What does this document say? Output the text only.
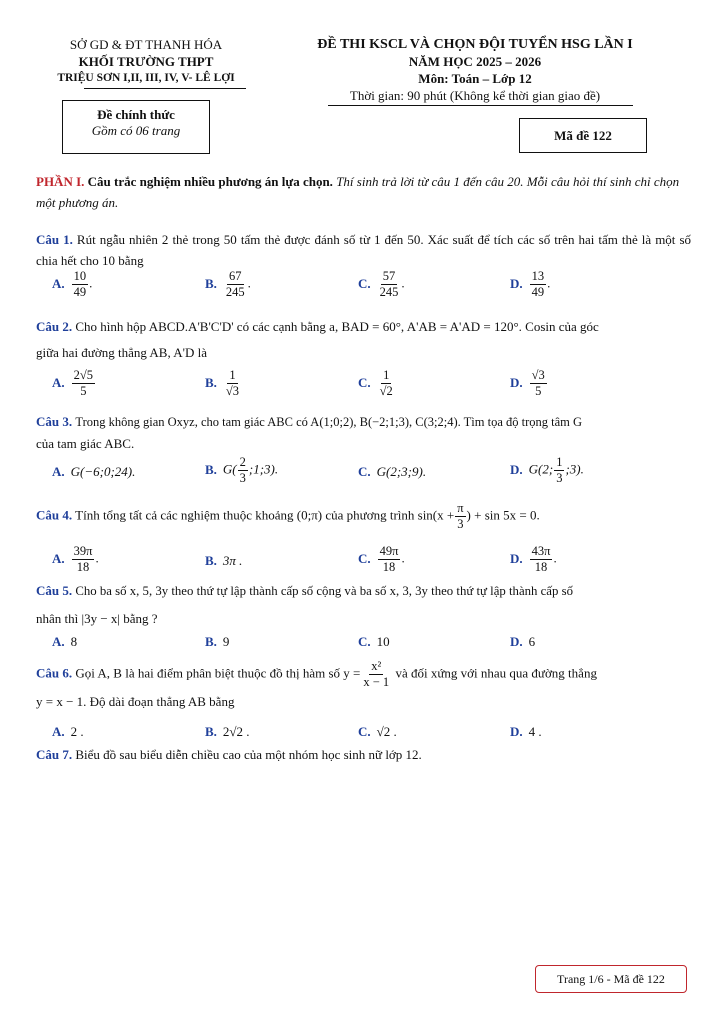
SỞ GD & ĐT THANH HÓA
KHỐI TRƯỜNG THPT
TRIỆU SƠN I,II, III, IV, V- LÊ LỢI
ĐỀ THI KSCL VÀ CHỌN ĐỘI TUYỂN HSG LẦN I
NĂM HỌC 2025 – 2026
Môn: Toán – Lớp 12
Thời gian: 90 phút (Không kể thời gian giao đề)
Đề chính thức
Gồm có 06 trang	Mã đề 122
PHẦN I. Câu trắc nghiệm nhiều phương án lựa chọn. Thí sinh trả lời từ câu 1 đến câu 20. Mỗi câu hỏi thí sinh chỉ chọn một phương án.
Câu 1. Rút ngẫu nhiên 2 thẻ trong 50 tấm thẻ được đánh số từ 1 đến 50. Xác suất để tích các số trên hai tấm thẻ là một số chia hết cho 10 bằng
A. $\frac{10}{49}$ .	B. $\frac{67}{245}$ .	C. $\frac{57}{245}$ .	D. $\frac{13}{49}$ .
Câu 2. Cho hình hộp ABCD.A'B'C'D' có các cạnh bằng a, BAD = 60°, A'AB = A'AD = 120°. Cosin của góc
giữa hai đường thẳng AB, A'D là
A. $\frac{2√5}{5}$	B. $\frac{1}{√3}$	C. $\frac{1}{√2}$	D. $\frac{√3}{5}$
Câu 3. Trong không gian Oxyz, cho tam giác ABC có A(1;0;2), B(−2;1;3), C(3;2;4). Tìm tọa độ trọng tâm G
của tam giác ABC.
A. G(−6;0;24).	B. $G( \frac{2}{3}$ ;1;3).	C. G(2;3;9).	D. G(2; $\frac{1}{3}$ ;3).
Câu 4. Tính tổng tất cả các nghiệm thuộc khoảng (0;π) của phương trình $\sin(x + \frac{\pi}{3}$ ) + sin 5x = 0.
A. $\frac{39\pi}{18}$ .	B. 3π .	C. $\frac{49\pi}{18}$ .	D. $\frac{43\pi}{18}$ .
Câu 5. Cho ba số x, 5, 3y theo thứ tự lập thành cấp số cộng và ba số x, 3, 3y theo thứ tự lập thành cấp số
nhân thì |3y − x| bằng ?
A. 8	B. 9	C. 10	D. 6
Câu 6. Gọi A, B là hai điểm phân biệt thuộc đồ thị hàm số $y = \frac{\text{x²}}{x - 1}$ và đối xứng với nhau qua đường thẳng
y = x − 1. Độ dài đoạn thẳng AB bằng
A. 2 .	B. 2√2 .	C. √2 .	D. 4 .
Câu 7. Biểu đồ sau biểu diễn chiều cao của một nhóm học sinh nữ lớp 12.
Trang 1/6 - Mã đề 122
